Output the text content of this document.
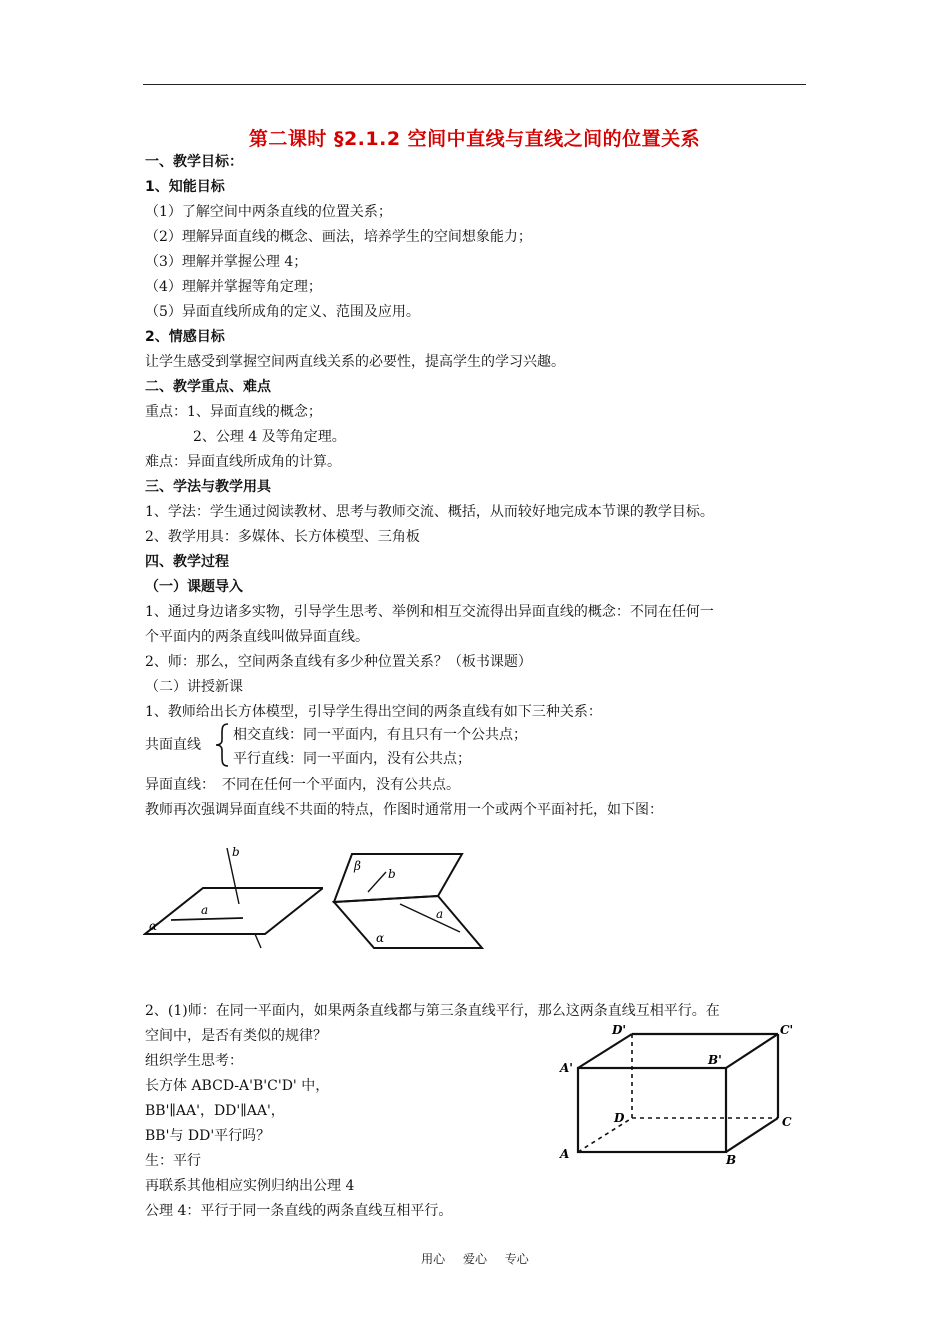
第二课时 §2.1.2 空间中直线与直线之间的位置关系
一、教学目标：
1、知能目标
（1）了解空间中两条直线的位置关系；
（2）理解异面直线的概念、画法，培养学生的空间想象能力；
（3）理解并掌握公理 4；
（4）理解并掌握等角定理；
（5）异面直线所成角的定义、范围及应用。
2、情感目标
让学生感受到掌握空间两直线关系的必要性，提高学生的学习兴趣。
二、教学重点、难点
重点：1、异面直线的概念；
2、公理 4 及等角定理。
难点：异面直线所成角的计算。
三、学法与教学用具
1、学法：学生通过阅读教材、思考与教师交流、概括，从而较好地完成本节课的教学目标。
2、教学用具：多媒体、长方体模型、三角板
四、教学过程
（一）课题导入
1、通过身边诸多实物，引导学生思考、举例和相互交流得出异面直线的概念：不同在任何一
个平面内的两条直线叫做异面直线。
2、师：那么，空间两条直线有多少种位置关系？（板书课题）
（二）讲授新课
1、教师给出长方体模型，引导学生得出空间的两条直线有如下三种关系：
共面直线
相交直线：同一平面内，有且只有一个公共点；
平行直线：同一平面内，没有公共点；
异面直线：　不同在任何一个平面内，没有公共点。
教师再次强调异面直线不共面的特点，作图时通常用一个或两个平面衬托，如下图：
b
a
α
β
b
a
α
2、(1)师：在同一平面内，如果两条直线都与第三条直线平行，那么这两条直线互相平行。在
空间中，是否有类似的规律？
组织学生思考：
长方体 ABCD-A'B'C'D' 中，
BB'∥AA'，DD'∥AA'，
BB'与 DD'平行吗？
生：平行
再联系其他相应实例归纳出公理 4
公理 4：平行于同一条直线的两条直线互相平行。
D'	C'
A'
B'
D	C
A	B
用心 爱心 专心
